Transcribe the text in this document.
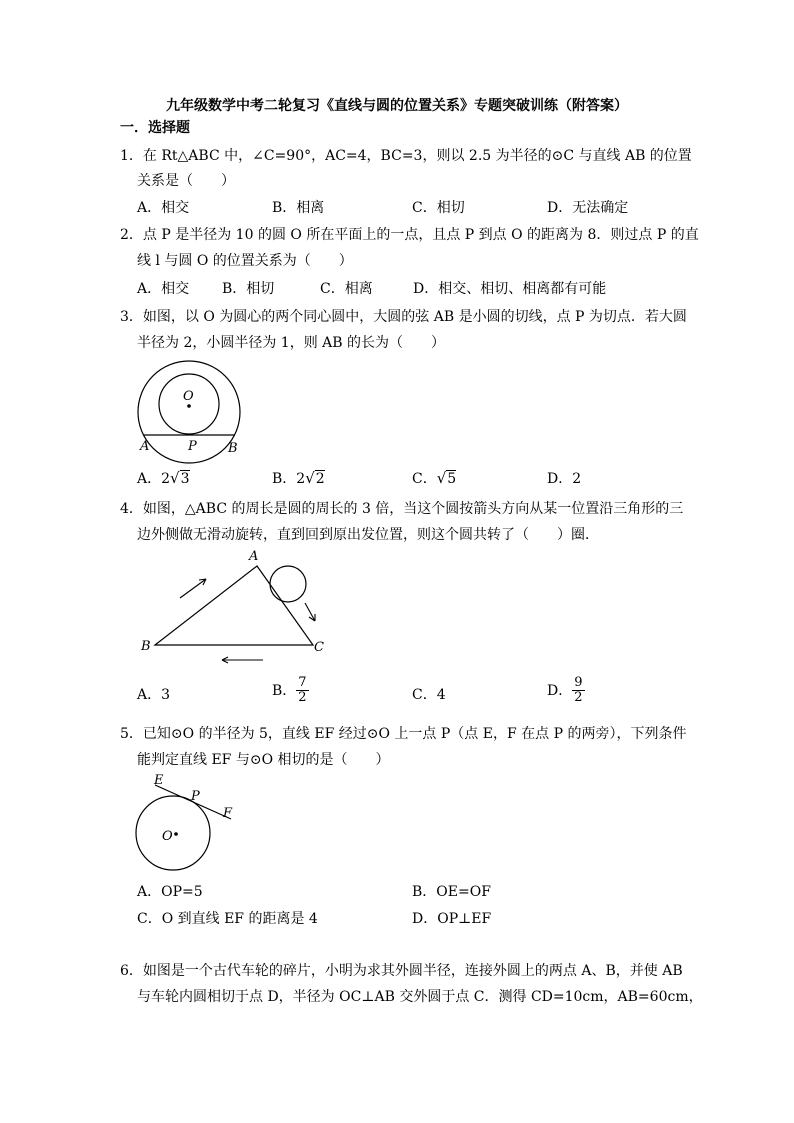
九年级数学中考二轮复习《直线与圆的位置关系》专题突破训练（附答案）
一．选择题
1．在 Rt△ABC 中，∠C=90°，AC=4，BC=3，则以 2.5 为半径的⊙C 与直线 AB 的位置
关系是（　　）
A．相交	B．相离	C．相切	D．无法确定
2．点 P 是半径为 10 的圆 O 所在平面上的一点，且点 P 到点 O 的距离为 8．则过点 P 的直
线 l 与圆 O 的位置关系为（　　）
A．相交 B．相切	C．相离	D．相交、相切、相离都有可能
3．如图，以 O 为圆心的两个同心圆中，大圆的弦 AB 是小圆的切线，点 P 为切点．若大圆
半径为 2，小圆半径为 1，则 AB 的长为（　　）
O
A	P B
A．2√3	B．2√2	C．√5	D．2
4．如图，△ABC 的周长是圆的周长的 3 倍，当这个圆按箭头方向从某一位置沿三角形的三
边外侧做无滑动旋转，直到回到原出发位置，则这个圆共转了（　　）圈．
A
B	C
A．3	B． $\frac{7}{2}$	C．4	D． $\frac{9}{2}$
5．已知⊙O 的半径为 5，直线 EF 经过⊙O 上一点 P（点 E，F 在点 P 的两旁），下列条件
能判定直线 EF 与⊙O 相切的是（　　）
E
P
F
O
A．OP=5	B．OE=OF
C．O 到直线 EF 的距离是 4	D．OP⊥EF
6．如图是一个古代车轮的碎片，小明为求其外圆半径，连接外圆上的两点 A、B，并使 AB
与车轮内圆相切于点 D，半径为 OC⊥AB 交外圆于点 C．测得 CD=10cm，AB=60cm，
